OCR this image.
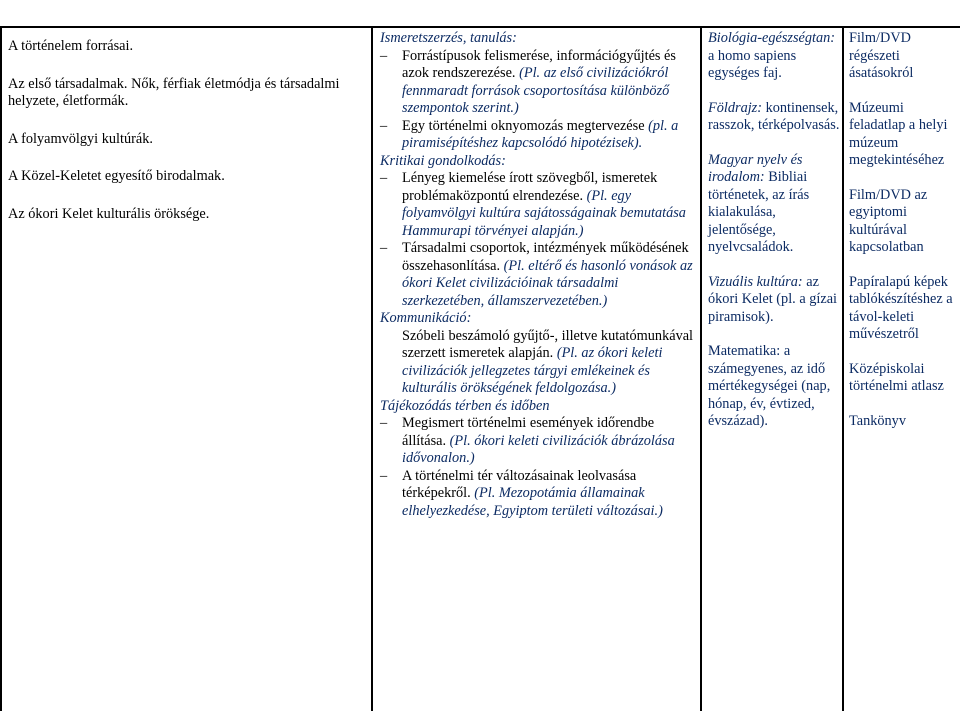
A történelem forrásai.

Az első társadalmak. Nők, férfiak életmódja és társadalmi helyzete, életformák.

A folyamvölgyi kultúrák.

A Közel-Keletet egyesítő birodalmak.

Az ókori Kelet kulturális öröksége.

Ismeretszerzés, tanulás:
– Forrástípusok felismerése, információgyűjtés és azok rendszerezése. (Pl. az első civilizációkról fennmaradt források csoportosítása különböző szempontok szerint.)
– Egy történelmi oknyomozás megtervezése (pl. a piramisépítéshez kapcsolódó hipotézisek).
Kritikai gondolkodás:
– Lényeg kiemelése írott szövegből, ismeretek problémaközpontú elrendezése. (Pl. egy folyamvölgyi kultúra sajátosságainak bemutatása Hammurapi törvényei alapján.)
– Társadalmi csoportok, intézmények működésének összehasonlítása. (Pl. eltérő és hasonló vonások az ókori Kelet civilizációinak társadalmi szerkezetében, államszervezetében.)
Kommunikáció:
Szóbeli beszámoló gyűjtő-, illetve kutatómunkával szerzett ismeretek alapján. (Pl. az ókori keleti civilizációk jellegzetes tárgyi emlékeinek és kulturális örökségének feldolgozása.)
Tájékozódás térben és időben
– Megismert történelmi események időrendbe állítása. (Pl. ókori keleti civilizációk ábrázolása idővonalon.)
– A történelmi tér változásainak leolvasása térképekről. (Pl. Mezopotámia államainak elhelyezkedése, Egyiptom területi változásai.)
Biológia-egészségtan: a homo sapiens egységes faj.
Földrajz: kontinensek, rasszok, térképolvasás.
Magyar nyelv és irodalom: Bibliai történetek, az írás kialakulása, jelentősége, nyelvcsaládok.
Vizuális kultúra: az ókori Kelet (pl. a gízai piramisok).
Matematika: a számegyenes, az idő mértékegységei (nap, hónap, év, évtized, évszázad).
Film/DVD régészeti ásatásokról
Múzeumi feladatlap a helyi múzeum megtekintéséhez
Film/DVD az egyiptomi kultúrával kapcsolatban
Papíralapú képek tablókészítéshez a távol-keleti művészetről
Középiskolai történelmi atlasz
Tankönyv
